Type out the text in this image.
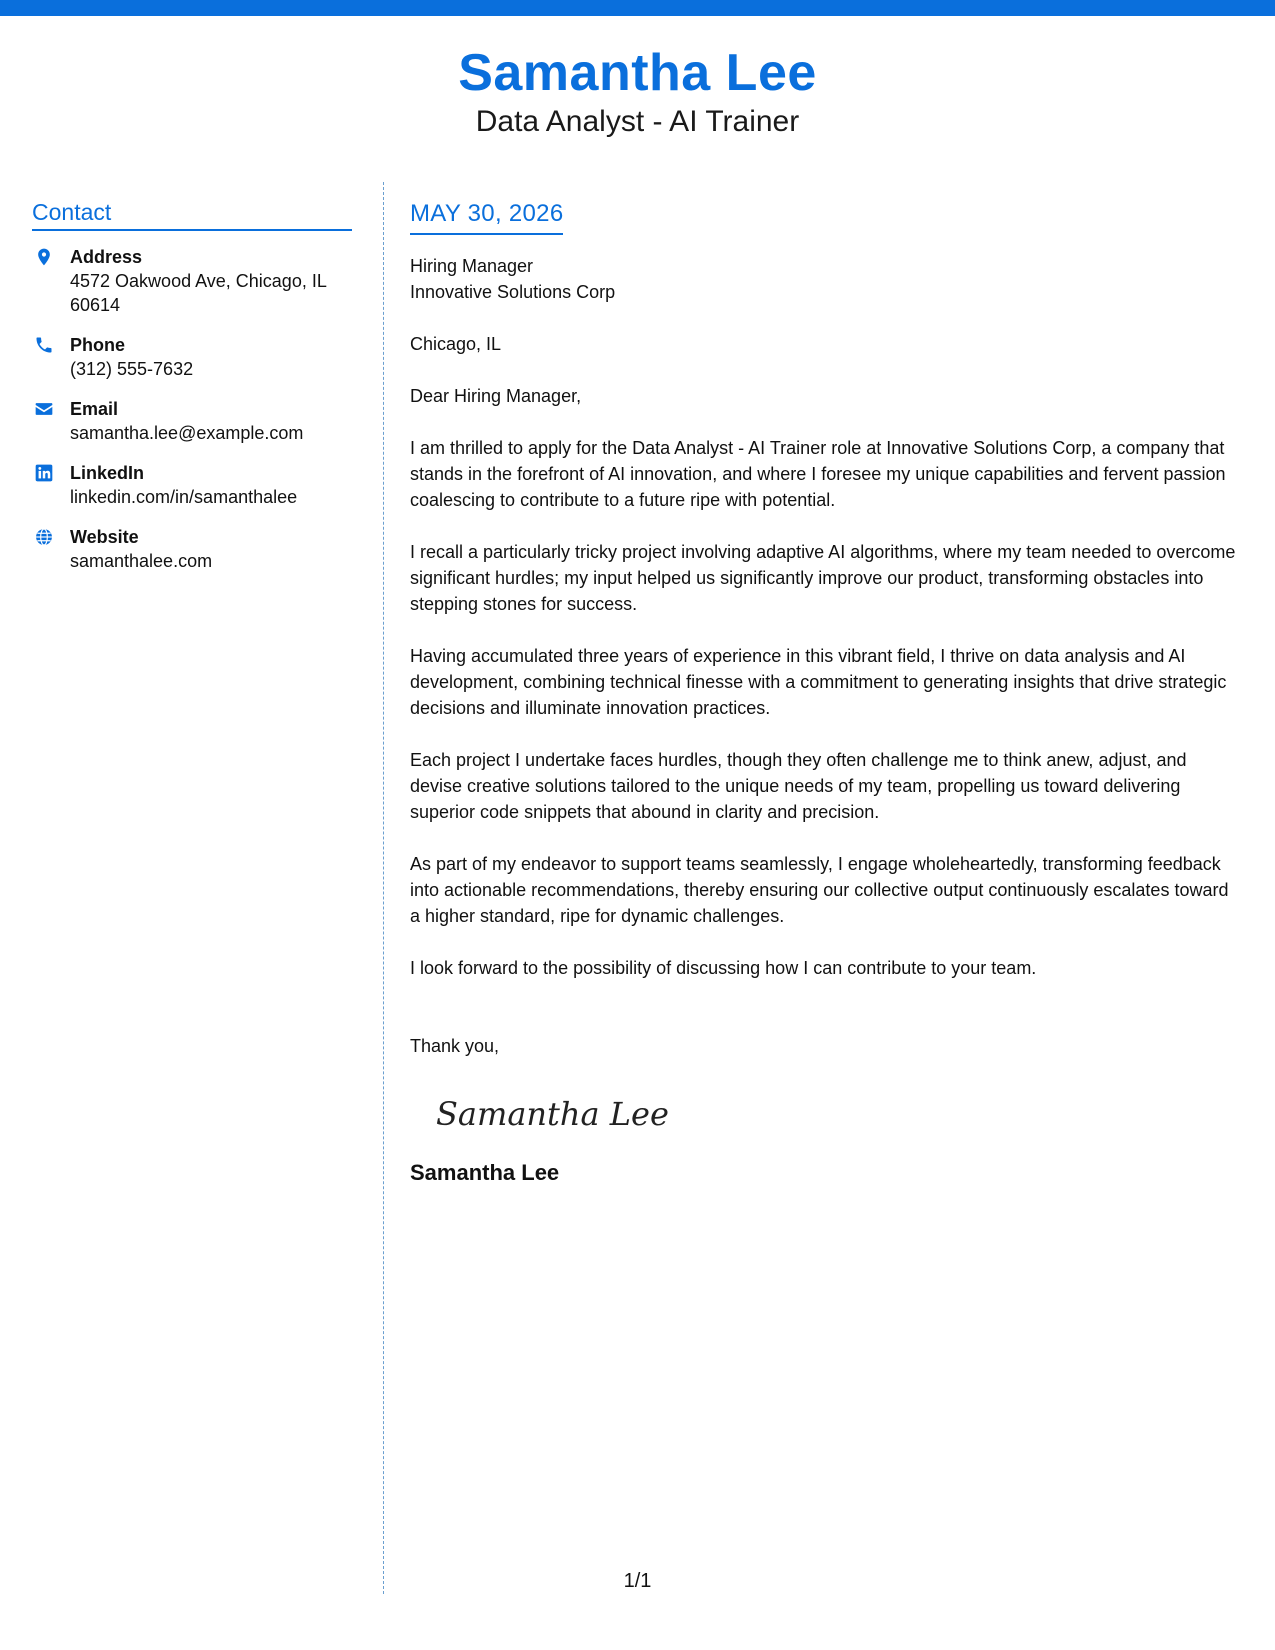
Samantha Lee
Data Analyst - AI Trainer
Contact
Address
4572 Oakwood Ave, Chicago, IL 60614
Phone
(312) 555-7632
Email
samantha.lee@example.com
LinkedIn
linkedin.com/in/samanthalee
Website
samanthalee.com
MAY 30, 2026
Hiring Manager
Innovative Solutions Corp
Chicago, IL
Dear Hiring Manager,
I am thrilled to apply for the Data Analyst - AI Trainer role at Innovative Solutions Corp, a company that stands in the forefront of AI innovation, and where I foresee my unique capabilities and fervent passion coalescing to contribute to a future ripe with potential.
I recall a particularly tricky project involving adaptive AI algorithms, where my team needed to overcome significant hurdles; my input helped us significantly improve our product, transforming obstacles into stepping stones for success.
Having accumulated three years of experience in this vibrant field, I thrive on data analysis and AI development, combining technical finesse with a commitment to generating insights that drive strategic decisions and illuminate innovation practices.
Each project I undertake faces hurdles, though they often challenge me to think anew, adjust, and devise creative solutions tailored to the unique needs of my team, propelling us toward delivering superior code snippets that abound in clarity and precision.
As part of my endeavor to support teams seamlessly, I engage wholeheartedly, transforming feedback into actionable recommendations, thereby ensuring our collective output continuously escalates toward a higher standard, ripe for dynamic challenges.
I look forward to the possibility of discussing how I can contribute to your team.
Thank you,
Samantha Lee
Samantha Lee
1/1
